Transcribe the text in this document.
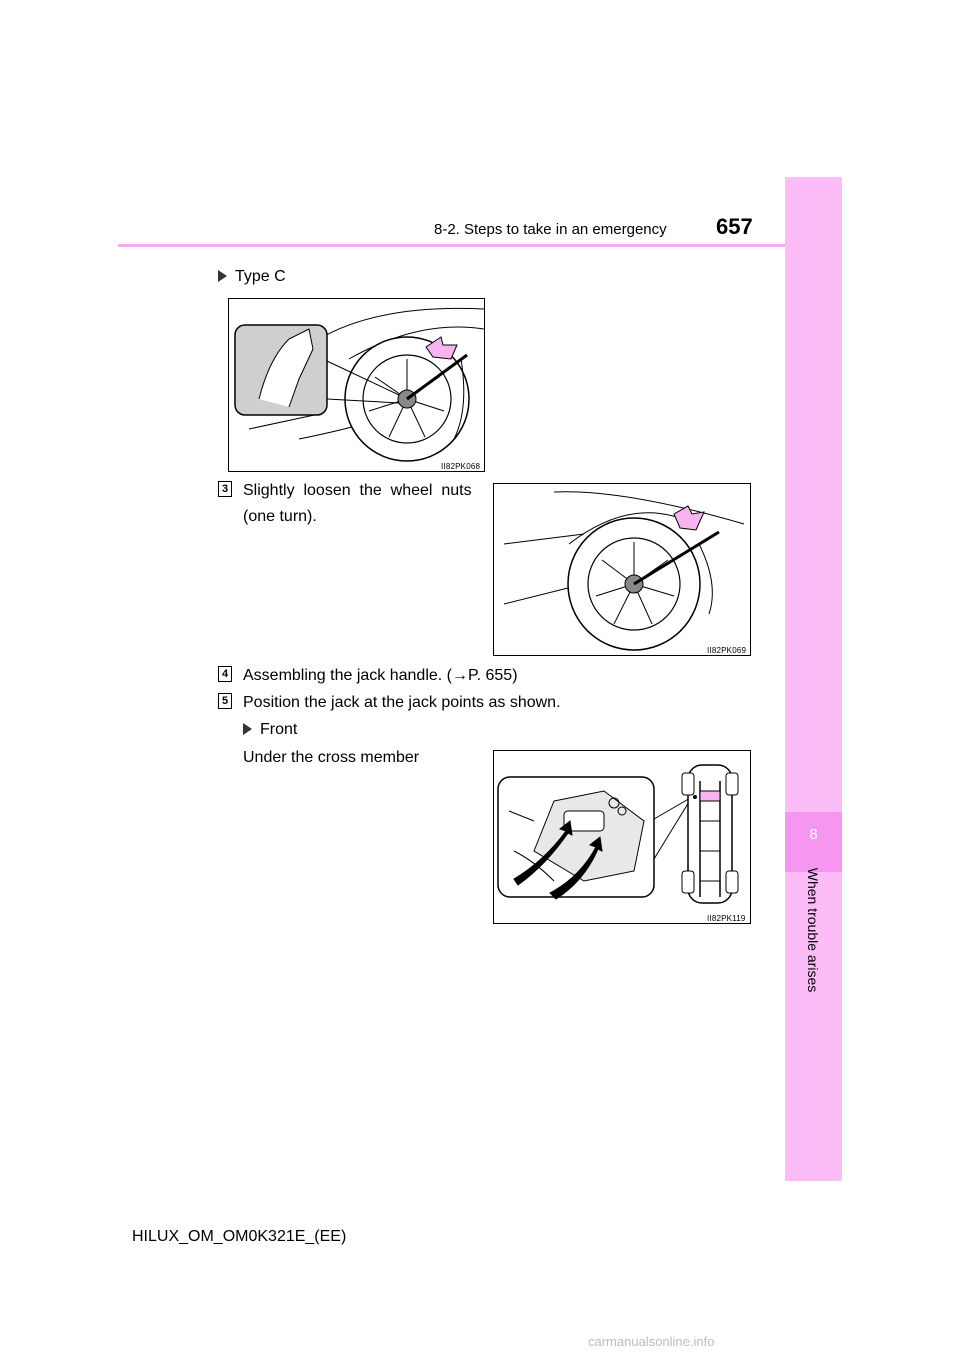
8-2. Steps to take in an emergency 657
8
When trouble arises
Type C
II82PK068
3 Slightly  loosen  the  wheel  nuts
(one turn).
II82PK069
4 Assembling the jack handle. (→P. 655)
5 Position the jack at the jack points as shown.
Front
Under the cross member
II82PK119
HILUX_OM_OM0K321E_(EE)
carmanualsonline.info
